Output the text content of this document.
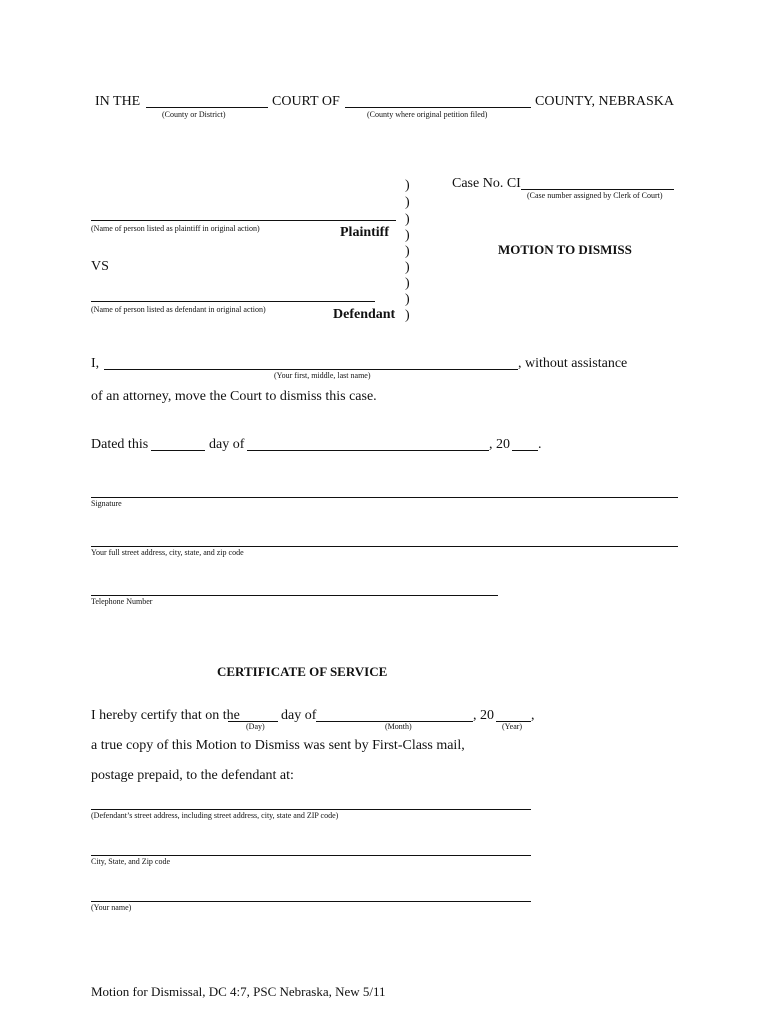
IN THE	COURT OF	COUNTY, NEBRASKA
(County or District)	(County where original petition filed)
)
)
)
)
)
)
)
)
)
Case No. CI
(Case number assigned by Clerk of Court)
(Name of person listed as plaintiff in original action)	Plaintiff
MOTION TO DISMISS
VS
(Name of person listed as defendant in original action)	Defendant
I,	, without assistance
(Your first, middle, last name)
of an attorney, move the Court to dismiss this case.
Dated this	day of	, 20 .
Signature
Your full street address, city, state, and zip code
Telephone Number
CERTIFICATE OF SERVICE
I hereby certify that on the	day of	, 20	,
(Day)	(Month)	(Year)
a true copy of this Motion to Dismiss was sent by First-Class mail,
postage prepaid, to the defendant at:
(Defendant’s street address, including street address, city, state and ZIP code)
City, State, and Zip code
(Your name)
Motion for Dismissal, DC 4:7, PSC Nebraska, New 5/11
